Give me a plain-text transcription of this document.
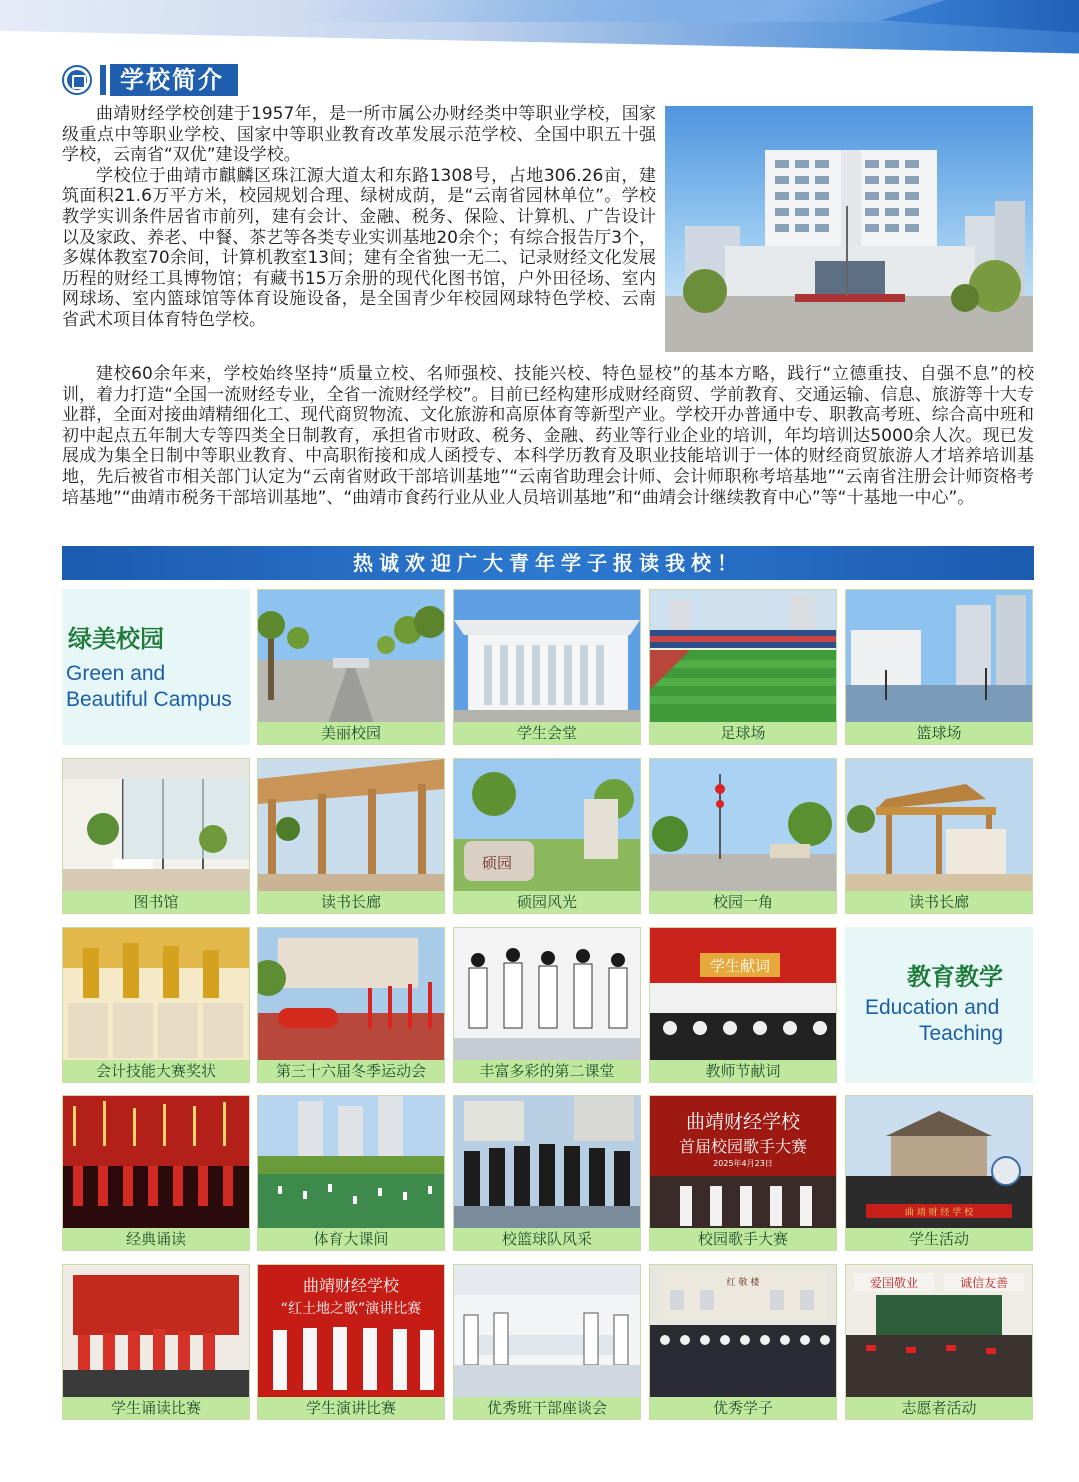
学校简介

曲靖财经学校创建于1957年，是一所市属公办财经类中等职业学校，国家级重点中等职业学校、国家中等职业教育改革发展示范学校、全国中职五十强学校，云南省“双优”建设学校。

学校位于曲靖市麒麟区珠江源大道太和东路1308号，占地306.26亩，建筑面积21.6万平方米，校园规划合理、绿树成荫，是“云南省园林单位”。学校教学实训条件居省市前列，建有会计、金融、税务、保险、计算机、广告设计以及家政、养老、中餐、茶艺等各类专业实训基地20余个；有综合报告厅3个，多媒体教室70余间，计算机教室13间；建有全省独一无二、记录财经文化发展历程的财经工具博物馆；有藏书15万余册的现代化图书馆，户外田径场、室内网球场、室内篮球馆等体育设施设备，是全国青少年校园网球特色学校、云南省武术项目体育特色学校。

建校60余年来，学校始终坚持“质量立校、名师强校、技能兴校、特色显校”的基本方略，践行“立德重技、自强不息”的校训，着力打造“全国一流财经专业，全省一流财经学校”。目前已经构建形成财经商贸、学前教育、交通运输、信息、旅游等十大专业群，全面对接曲靖精细化工、现代商贸物流、文化旅游和高原体育等新型产业。学校开办普通中专、职教高考班、综合高中班和初中起点五年制大专等四类全日制教育，承担省市财政、税务、金融、药业等行业企业的培训，年均培训达5000余人次。现已发展成为集全日制中等职业教育、中高职衔接和成人函授专、本科学历教育及职业技能培训于一体的财经商贸旅游人才培养培训基地，先后被省市相关部门认定为“云南省财政干部培训基地”“云南省助理会计师、会计师职称考培基地”“云南省注册会计师资格考培基地”“曲靖市税务干部培训基地”、“曲靖市食药行业从业人员培训基地”和“曲靖会计继续教育中心”等“十基地一中心”。

热诚欢迎广大青年学子报读我校！
绿美校园
Green and
Beautiful Campus
美丽校园	学生会堂	足球场	篮球场
图书馆	读书长廊
硕园
硕园风光	校园一角	读书长廊
会计技能大赛奖状	第三十六届冬季运动会	丰富多彩的第二课堂
学生献词
教师节献词
教育教学
Education and
Teaching
经典诵读	体育大课间	校篮球队风采
曲靖财经学校
首届校园歌手大赛
2025年4月23日
校园歌手大赛
曲 靖 财 经 学 校
学生活动
学生诵读比赛
曲靖财经学校
“红土地之歌”演讲比赛
学生演讲比赛	优秀班干部座谈会
红 敬 楼
优秀学子
爱国敬业	诚信友善
志愿者活动
